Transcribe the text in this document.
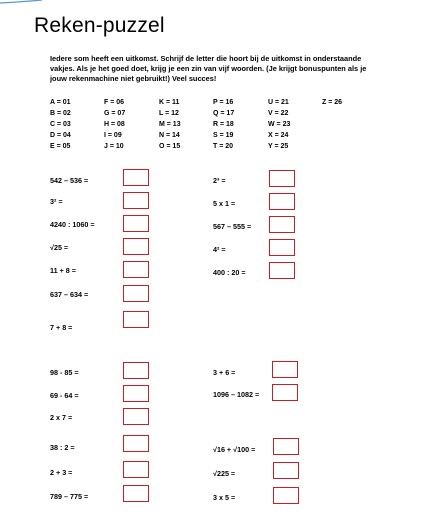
Reken-puzzel
Iedere som heeft een uitkomst. Schrijf de letter die hoort bij de uitkomst in onderstaande
vakjes. Als je het goed doet, krijg je een zin van vijf woorden. (Je krijgt bonuspunten als je
jouw rekenmachine niet gebruikt!) Veel succes!
A = 01
B = 02
C = 03
D = 04
E = 05
F = 06
G = 07
H = 08
I = 09
J = 10
K = 11
L = 12
M = 13
N = 14
O = 15
P = 16
Q = 17
R = 18
S = 19
T = 20
U = 21
V = 22
W = 23
X = 24
Y = 25
Z = 26
542 – 536 =
3² =
4240 : 1060 =
√25 =
11 + 8 =
637 – 634 =
7 + 8 =
98 - 85 =
69 - 64 =
2 x 7 =
38 : 2 =
2 + 3 =
789 – 775 =
2³ =
5 x 1 =
567 – 555 =
4² =
400 : 20 =
3 + 6 =
1096 – 1082 =
√16 + √100 =
√225 =
3 x 5 =
